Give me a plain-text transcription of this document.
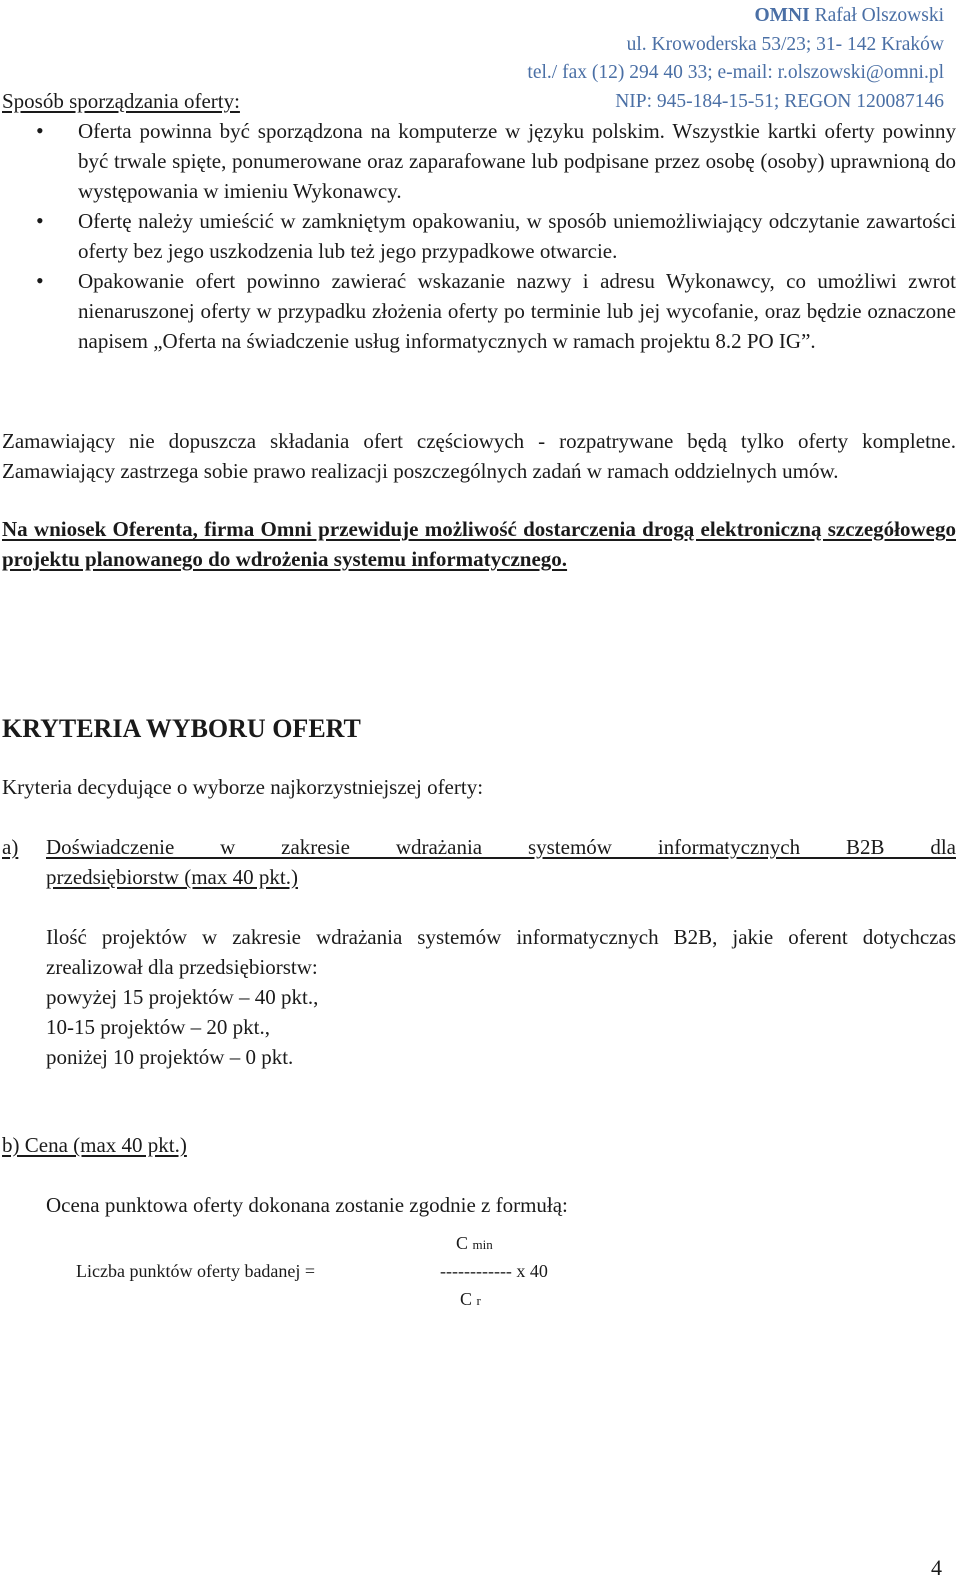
OMNI Rafał Olszowski
ul. Krowoderska 53/23; 31- 142 Kraków
tel./ fax (12) 294 40 33; e-mail: r.olszowski@omni.pl
NIP: 945-184-15-51; REGON 120087146
Sposób sporządzania oferty:
• Oferta powinna być sporządzona na komputerze w języku polskim. Wszystkie kartki oferty powinny być trwale spięte, ponumerowane oraz zaparafowane lub podpisane przez osobę (osoby) uprawnioną do występowania w imieniu Wykonawcy.
• Ofertę należy umieścić w zamkniętym opakowaniu, w sposób uniemożliwiający odczytanie zawartości oferty bez jego uszkodzenia lub też jego przypadkowe otwarcie.
• Opakowanie ofert powinno zawierać wskazanie nazwy i adresu Wykonawcy, co umożliwi zwrot nienaruszonej oferty w przypadku złożenia oferty po terminie lub jej wycofanie, oraz będzie oznaczone napisem „Oferta na świadczenie usług informatycznych w ramach projektu 8.2 PO IG”.

Zamawiający nie dopuszcza składania ofert częściowych - rozpatrywane będą tylko oferty kompletne. Zamawiający zastrzega sobie prawo realizacji poszczególnych zadań w ramach oddzielnych umów.

Na wniosek Oferenta, firma Omni przewiduje możliwość dostarczenia drogą elektroniczną szczegółowego projektu planowanego do wdrożenia systemu informatycznego.

KRYTERIA WYBORU OFERT
Kryteria decydujące o wyborze najkorzystniejszej oferty:
a)	Doświadczenie w zakresie wdrażania systemów informatycznych B2B dla
przedsiębiorstw (max 40 pkt.)

Ilość projektów w zakresie wdrażania systemów informatycznych B2B, jakie oferent dotychczas zrealizował dla przedsiębiorstw:

powyżej 15 projektów – 40 pkt.,
10-15 projektów – 20 pkt.,
poniżej 10 projektów – 0 pkt.
b) Cena (max 40 pkt.)
Ocena punktowa oferty dokonana zostanie zgodnie z formułą:
C min
Liczba punktów oferty badanej =	------------ x 40
C r
4
